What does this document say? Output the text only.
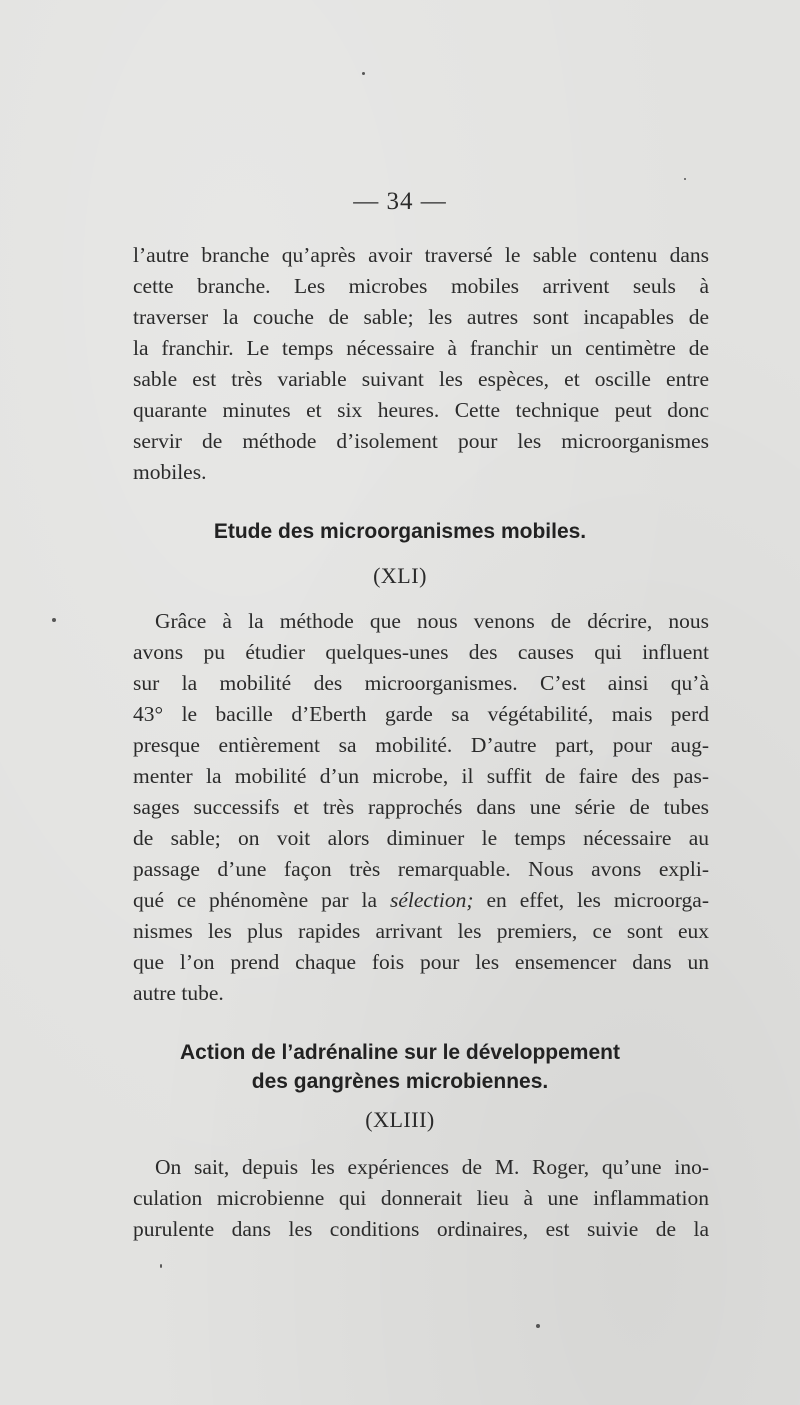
— 34 —
l’autre branche qu’après avoir traversé le sable contenu dans
cette branche. Les microbes mobiles arrivent seuls à
traverser la couche de sable; les autres sont incapables de
la franchir. Le temps nécessaire à franchir un centimètre de
sable est très variable suivant les espèces, et oscille entre
quarante minutes et six heures. Cette technique peut donc
servir de méthode d’isolement pour les microorganismes
mobiles.
Etude des microorganismes mobiles.
(XLI)
Grâce à la méthode que nous venons de décrire, nous
avons pu étudier quelques-unes des causes qui influent
sur la mobilité des microorganismes. C’est ainsi qu’à
43° le bacille d’Eberth garde sa végétabilité, mais perd
presque entièrement sa mobilité. D’autre part, pour aug-
menter la mobilité d’un microbe, il suffit de faire des pas-
sages successifs et très rapprochés dans une série de tubes
de sable; on voit alors diminuer le temps nécessaire au
passage d’une façon très remarquable. Nous avons expli-
qué ce phénomène par la sélection; en effet, les microorga-
nismes les plus rapides arrivant les premiers, ce sont eux
que l’on prend chaque fois pour les ensemencer dans un
autre tube.
Action de l’adrénaline sur le développement
des gangrènes microbiennes.
(XLIII)
On sait, depuis les expériences de M. Roger, qu’une ino-
culation microbienne qui donnerait lieu à une inflammation
purulente dans les conditions ordinaires, est suivie de la
